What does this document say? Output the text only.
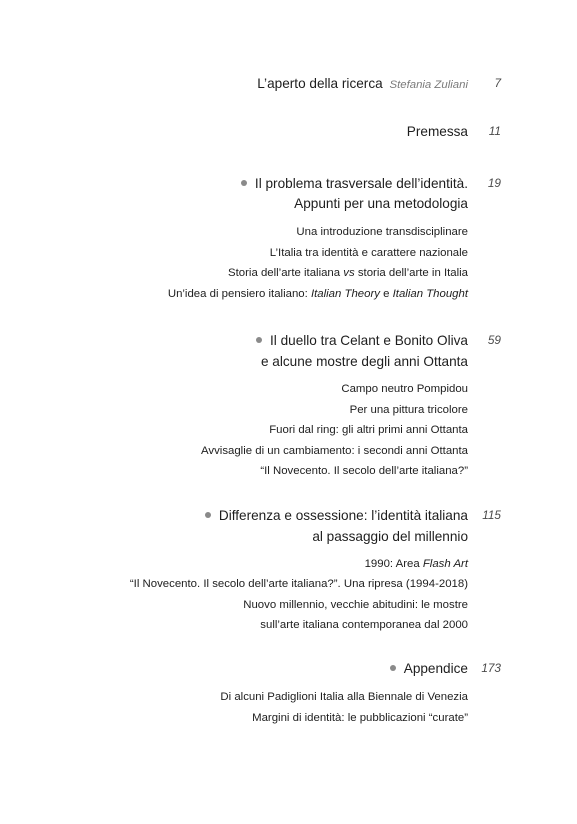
L’aperto della ricerca Stefania Zuliani 7
Premessa 11
Il problema trasversale dell’identità. 19
Appunti per una metodologia
Una introduzione transdisciplinare
L’Italia tra identità e carattere nazionale
Storia dell’arte italiana vs storia dell’arte in Italia
Un’idea di pensiero italiano: Italian Theory e Italian Thought
Il duello tra Celant e Bonito Oliva 59
e alcune mostre degli anni Ottanta
Campo neutro Pompidou
Per una pittura tricolore
Fuori dal ring: gli altri primi anni Ottanta
Avvisaglie di un cambiamento: i secondi anni Ottanta
“Il Novecento. Il secolo dell’arte italiana?”
Differenza e ossessione: l’identità italiana 115
al passaggio del millennio
1990: Area Flash Art
“Il Novecento. Il secolo dell’arte italiana?”. Una ripresa (1994-2018)
Nuovo millennio, vecchie abitudini: le mostre
sull’arte italiana contemporanea dal 2000
Appendice 173
Di alcuni Padiglioni Italia alla Biennale di Venezia
Margini di identità: le pubblicazioni “curate”
